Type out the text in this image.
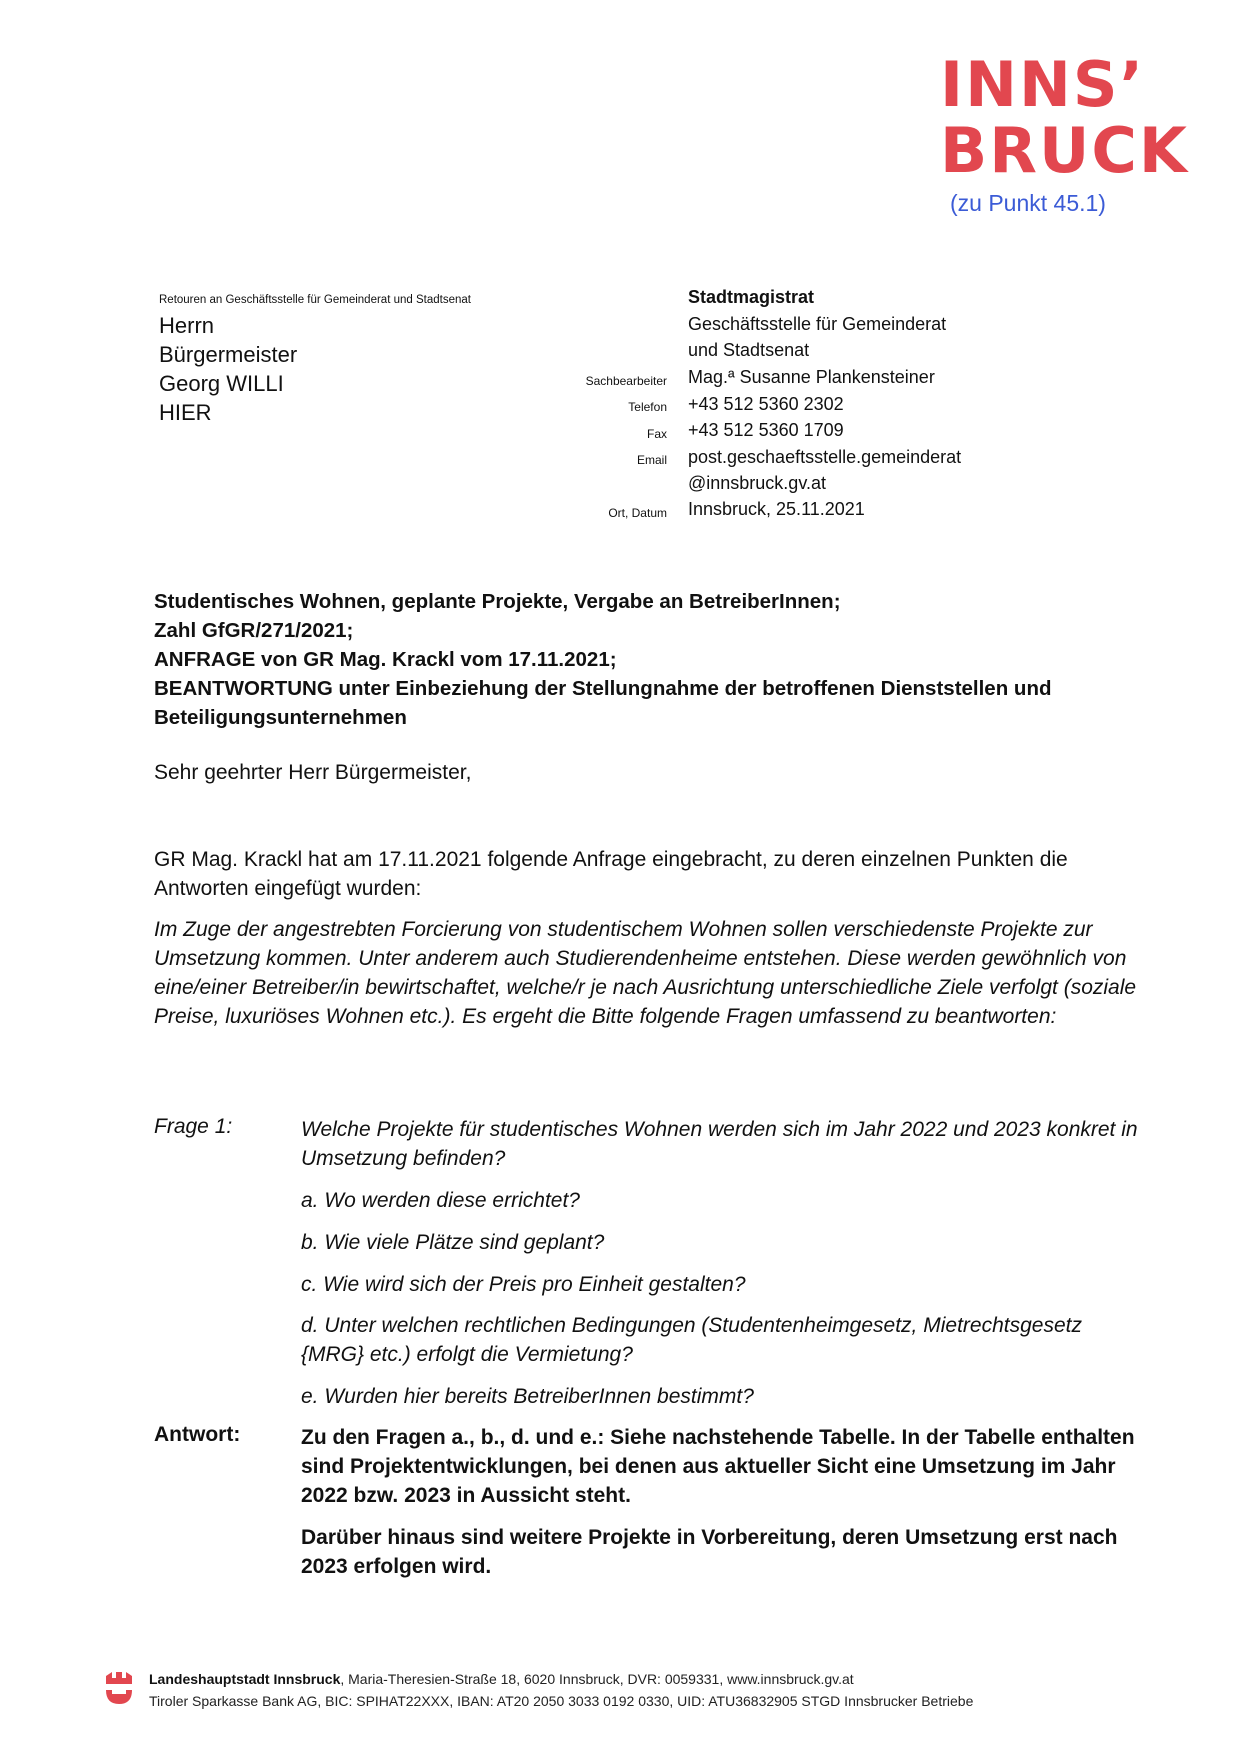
INNS’
BRUCK
(zu Punkt 45.1)
Retouren an Geschäftsstelle für Gemeinderat und Stadtsenat
Herrn
Bürgermeister
Georg WILLI
HIER
Stadtmagistrat
Geschäftsstelle für Gemeinderat
und Stadtsenat
Sachbearbeiter Mag.ª Susanne Plankensteiner
Telefon +43 512 5360 2302
Fax +43 512 5360 1709
Email post.geschaeftsstelle.gemeinderat
@innsbruck.gv.at
Ort, Datum Innsbruck, 25.11.2021
Studentisches Wohnen, geplante Projekte, Vergabe an BetreiberInnen;
Zahl GfGR/271/2021;
ANFRAGE von GR Mag. Krackl vom 17.11.2021;
BEANTWORTUNG unter Einbeziehung der Stellungnahme der betroffenen Dienststellen und Beteiligungsunternehmen
Sehr geehrter Herr Bürgermeister,
GR Mag. Krackl hat am 17.11.2021 folgende Anfrage eingebracht, zu deren einzelnen Punkten die Antworten eingefügt wurden:
Im Zuge der angestrebten Forcierung von studentischem Wohnen sollen verschiedenste Projekte zur Umsetzung kommen. Unter anderem auch Studierendenheime entstehen. Diese werden gewöhnlich von eine/einer Betreiber/in bewirtschaftet, welche/r je nach Ausrichtung unterschiedliche Ziele verfolgt (soziale Preise, luxuriöses Wohnen etc.). Es ergeht die Bitte folgende Fragen umfassend zu beantworten:
Frage 1:	Welche Projekte für studentisches Wohnen werden sich im Jahr 2022 und 2023 konkret in Umsetzung befinden?
a. Wo werden diese errichtet?
b. Wie viele Plätze sind geplant?
c. Wie wird sich der Preis pro Einheit gestalten?
d. Unter welchen rechtlichen Bedingungen (Studentenheimgesetz, Mietrechtsgesetz {MRG} etc.) erfolgt die Vermietung?
e. Wurden hier bereits BetreiberInnen bestimmt?
Antwort:	Zu den Fragen a., b., d. und e.: Siehe nachstehende Tabelle. In der Tabelle enthalten sind Projektentwicklungen, bei denen aus aktueller Sicht eine Umsetzung im Jahr 2022 bzw. 2023 in Aussicht steht.
Darüber hinaus sind weitere Projekte in Vorbereitung, deren Umsetzung erst nach 2023 erfolgen wird.
Landeshauptstadt Innsbruck, Maria-Theresien-Straße 18, 6020 Innsbruck, DVR: 0059331, www.innsbruck.gv.at
Tiroler Sparkasse Bank AG, BIC: SPIHAT22XXX, IBAN: AT20 2050 3033 0192 0330, UID: ATU36832905 STGD Innsbrucker Betriebe
